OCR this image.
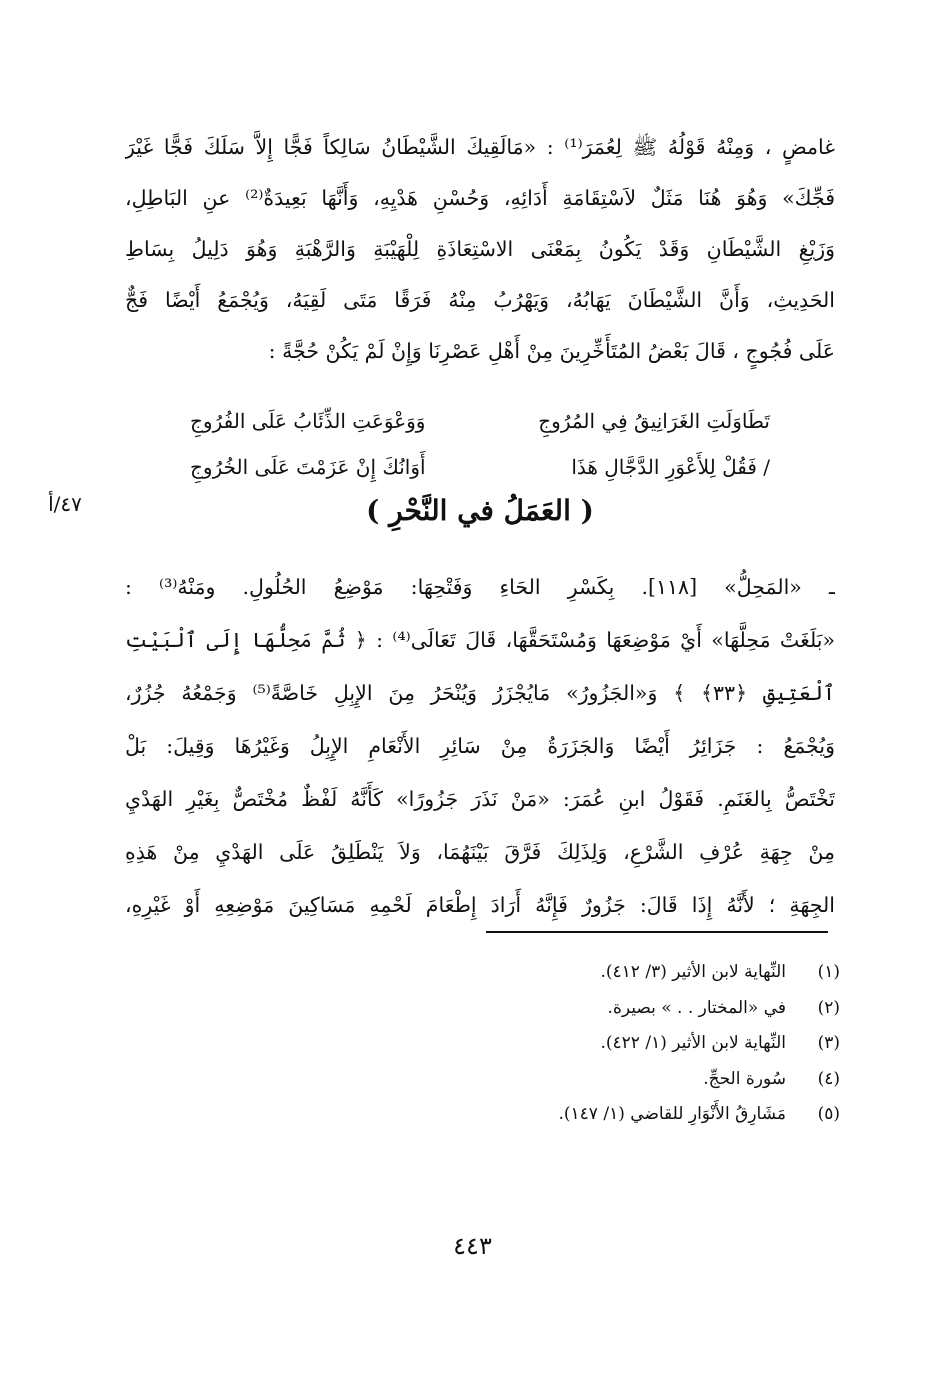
غامضٍ ، وَمِنْهُ قَوْلُهُ ﷺ لِعُمَرَ⁽¹⁾ : «مَالَقِيكَ الشَّيْطَانُ سَالِكاً فَجًّا إِلاَّ سَلَكَ فَجًّا غَيْرَ
فَجِّكَ» وَهُوَ هُنَا مَثَلٌ لاَسْتِقَامَةِ أَدَائِهِ، وَحُسْنِ هَدْيِهِ، وَأَنَّهَا بَعِيدَةٌ⁽²⁾ عنِ البَاطِلِ،
وَزَيْغِ الشَّيْطَانِ وَقَدْ يَكُونُ بِمَعْنَى الاسْتِعَاذَةِ لِلْهَيْبَةِ وَالرَّهْبَةِ وَهُوَ دَلِيلُ بِسَاطِ
الحَدِيثِ، وَأَنَّ الشَّيْطَانَ يَهَابُهُ، وَيَهْرُبُ مِنْهُ فَرَقًا مَتَى لَقِيَهُ، وَيُجْمَعُ أَيْضًا فَجٌّ
عَلَى فُجُوجٍ ، قَالَ بَعْضُ المُتَأَخِّرِينَ مِنْ أَهْلِ عَصْرِنَا وَإِنْ لَمْ يَكُنْ حُجَّةً :
تَطَاوَلَتِ الغَرَانِيقُ فِي المُرُوجِ
وَوَعْوَعَتِ الذِّئَابُ عَلَى الفُرُوجِ
/ فَقُلْ لِلأَعْوَرِ الدَّجَّالِ هَذَا
أَوَانُكَ إِنْ عَزَمْتَ عَلَى الخُرُوجِ
٤٧/أ	( العَمَلُ في النَّحْرِ )
ـ «المَحِلُّ» [١١٨]. بِكَسْرِ الحَاءِ وَفَتْحِهَا: مَوْضِعُ الحُلُولِ. ومَنْهُ⁽³⁾ :
«بَلَغَتْ مَحِلَّهَا» أَيْ مَوْضِعَهَا وَمُسْتَحَقَّهَا، قَالَ تَعَالَى⁽⁴⁾ : ﴿ ثُمَّ مَحِلُّهَا إِلَى ٱلْبَيْتِ
ٱلْعَتِيقِ ﴿٣٣﴾ ﴾ وَ«الجَزُورُ» مَايُجْزَرُ وَيُنْحَرُ مِنَ الإِبِلِ خَاصَّةً⁽⁵⁾ وَجَمْعُهُ جُزُرٌ،
وَيُجْمَعُ : جَزَائِرُ أَيْضًا وَالجَزَرَةُ مِنْ سَائِرِ الأَنْعَامِ الإِبِلُ وَغَيْرُهَا وَقِيلَ: بَلْ
تَخْتَصُّ بِالغَنَمِ. فَقَوْلُ ابنِ عُمَرَ: «مَنْ نَذَرَ جَزُورًا» كَأَنَّهُ لَفْظٌ مُخْتَصٌّ بِغَيْرِ الهَدْيِ
مِنْ جِهَةِ عُرْفِ الشَّرْعِ، وَلِذَلِكَ فَرَّقَ بَيْنَهُمَا، وَلاَ يَنْطَلِقُ عَلَى الهَدْيِ مِنْ هَذِهِ
الجِهَةِ ؛ لأَنَّهُ إِذَا قَالَ: جَزُورٌ فَإِنَّهُ أَرَادَ إِطْعَامَ لَحْمِهِ مَسَاكِينَ مَوْضِعِهِ أَوْ غَيْرِهِ،
(١)
النِّهاية لابن الأثير (٣/ ٤١٢).
(٢)
في «المختار . . » بصيرة.
(٣)
النِّهاية لابن الأثير (١/ ٤٢٢).
(٤)
سُورة الحجِّ.
(٥)
مَشَارِقُ الأَنْوَارِ للقاضي (١/ ١٤٧).
٤٤٣
